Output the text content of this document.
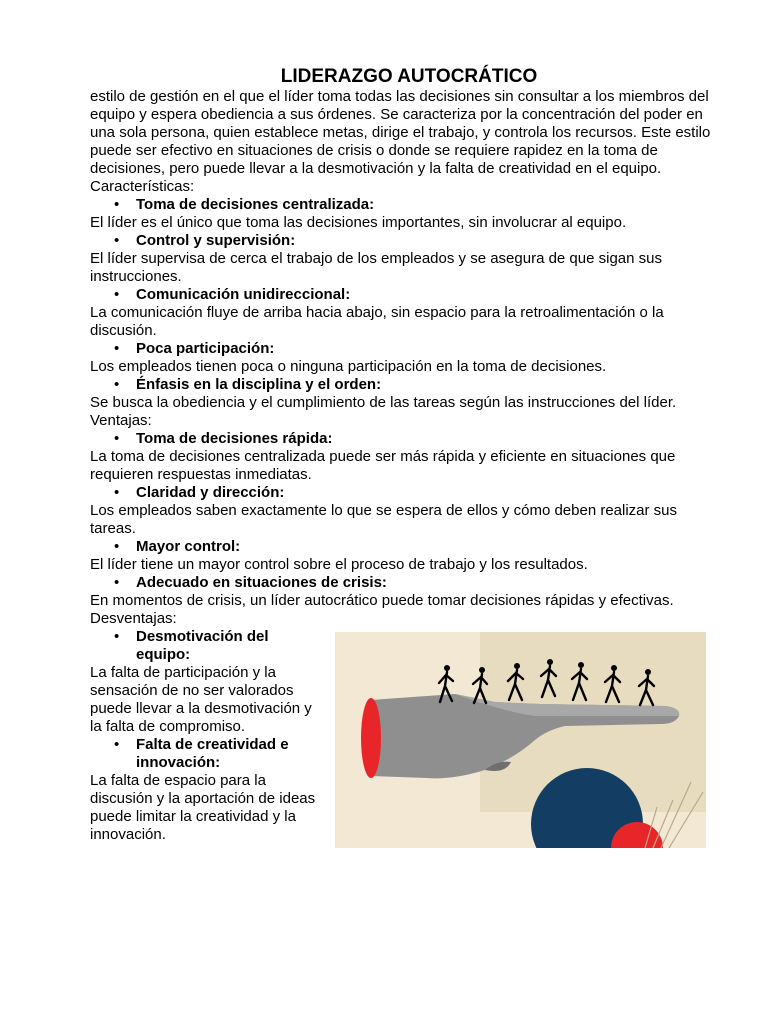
LIDERAZGO AUTOCRÁTICO

estilo de gestión en el que el líder toma todas las decisiones sin consultar a los miembros del equipo y espera obediencia a sus órdenes. Se caracteriza por la concentración del poder en una sola persona, quien establece metas, dirige el trabajo, y controla los recursos. Este estilo puede ser efectivo en situaciones de crisis o donde se requiere rapidez en la toma de decisiones, pero puede llevar a la desmotivación y la falta de creatividad en el equipo.

Características:

• Toma de decisiones centralizada:

El líder es el único que toma las decisiones importantes, sin involucrar al equipo.

• Control y supervisión:

El líder supervisa de cerca el trabajo de los empleados y se asegura de que sigan sus instrucciones.

• Comunicación unidireccional:

La comunicación fluye de arriba hacia abajo, sin espacio para la retroalimentación o la discusión.

• Poca participación:

Los empleados tienen poca o ninguna participación en la toma de decisiones.

• Énfasis en la disciplina y el orden:

Se busca la obediencia y el cumplimiento de las tareas según las instrucciones del líder.

Ventajas:

• Toma de decisiones rápida:

La toma de decisiones centralizada puede ser más rápida y eficiente en situaciones que requieren respuestas inmediatas.

• Claridad y dirección:

Los empleados saben exactamente lo que se espera de ellos y cómo deben realizar sus tareas.

• Mayor control:

El líder tiene un mayor control sobre el proceso de trabajo y los resultados.

• Adecuado en situaciones de crisis:

En momentos de crisis, un líder autocrático puede tomar decisiones rápidas y efectivas.

Desventajas:

• Desmotivación del equipo:

La falta de participación y la sensación de no ser valorados puede llevar a la desmotivación y la falta de compromiso.

• Falta de creatividad e innovación:

La falta de espacio para la discusión y la aportación de ideas puede limitar la creatividad y la innovación.
